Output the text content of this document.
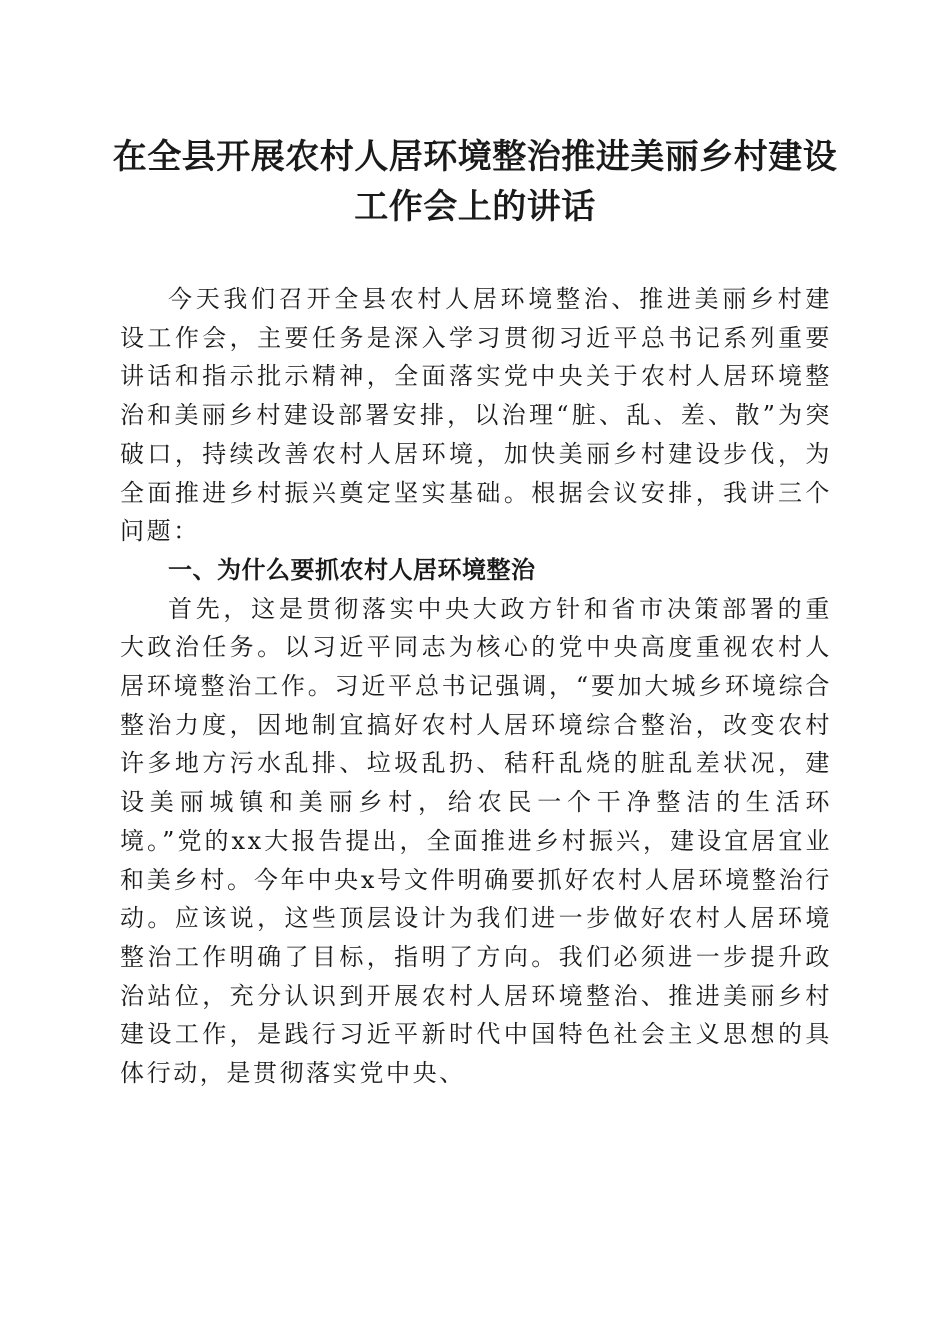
在全县开展农村人居环境整治推进美丽乡村建设工作会上的讲话

今天我们召开全县农村人居环境整治、推进美丽乡村建设工作会，主要任务是深入学习贯彻习近平总书记系列重要讲话和指示批示精神，全面落实党中央关于农村人居环境整治和美丽乡村建设部署安排，以治理“脏、乱、差、散”为突破口，持续改善农村人居环境，加快美丽乡村建设步伐，为全面推进乡村振兴奠定坚实基础。根据会议安排，我讲三个问题：

一、为什么要抓农村人居环境整治

首先，这是贯彻落实中央大政方针和省市决策部署的重大政治任务。以习近平同志为核心的党中央高度重视农村人居环境整治工作。习近平总书记强调，“要加大城乡环境综合整治力度，因地制宜搞好农村人居环境综合整治，改变农村许多地方污水乱排、垃圾乱扔、秸秆乱烧的脏乱差状况，建设美丽城镇和美丽乡村，给农民一个干净整洁的生活环境。”党的xx大报告提出，全面推进乡村振兴，建设宜居宜业和美乡村。今年中央x号文件明确要抓好农村人居环境整治行动。应该说，这些顶层设计为我们进一步做好农村人居环境整治工作明确了目标，指明了方向。我们必须进一步提升政治站位，充分认识到开展农村人居环境整治、推进美丽乡村建设工作，是践行习近平新时代中国特色社会主义思想的具体行动，是贯彻落实党中央、
